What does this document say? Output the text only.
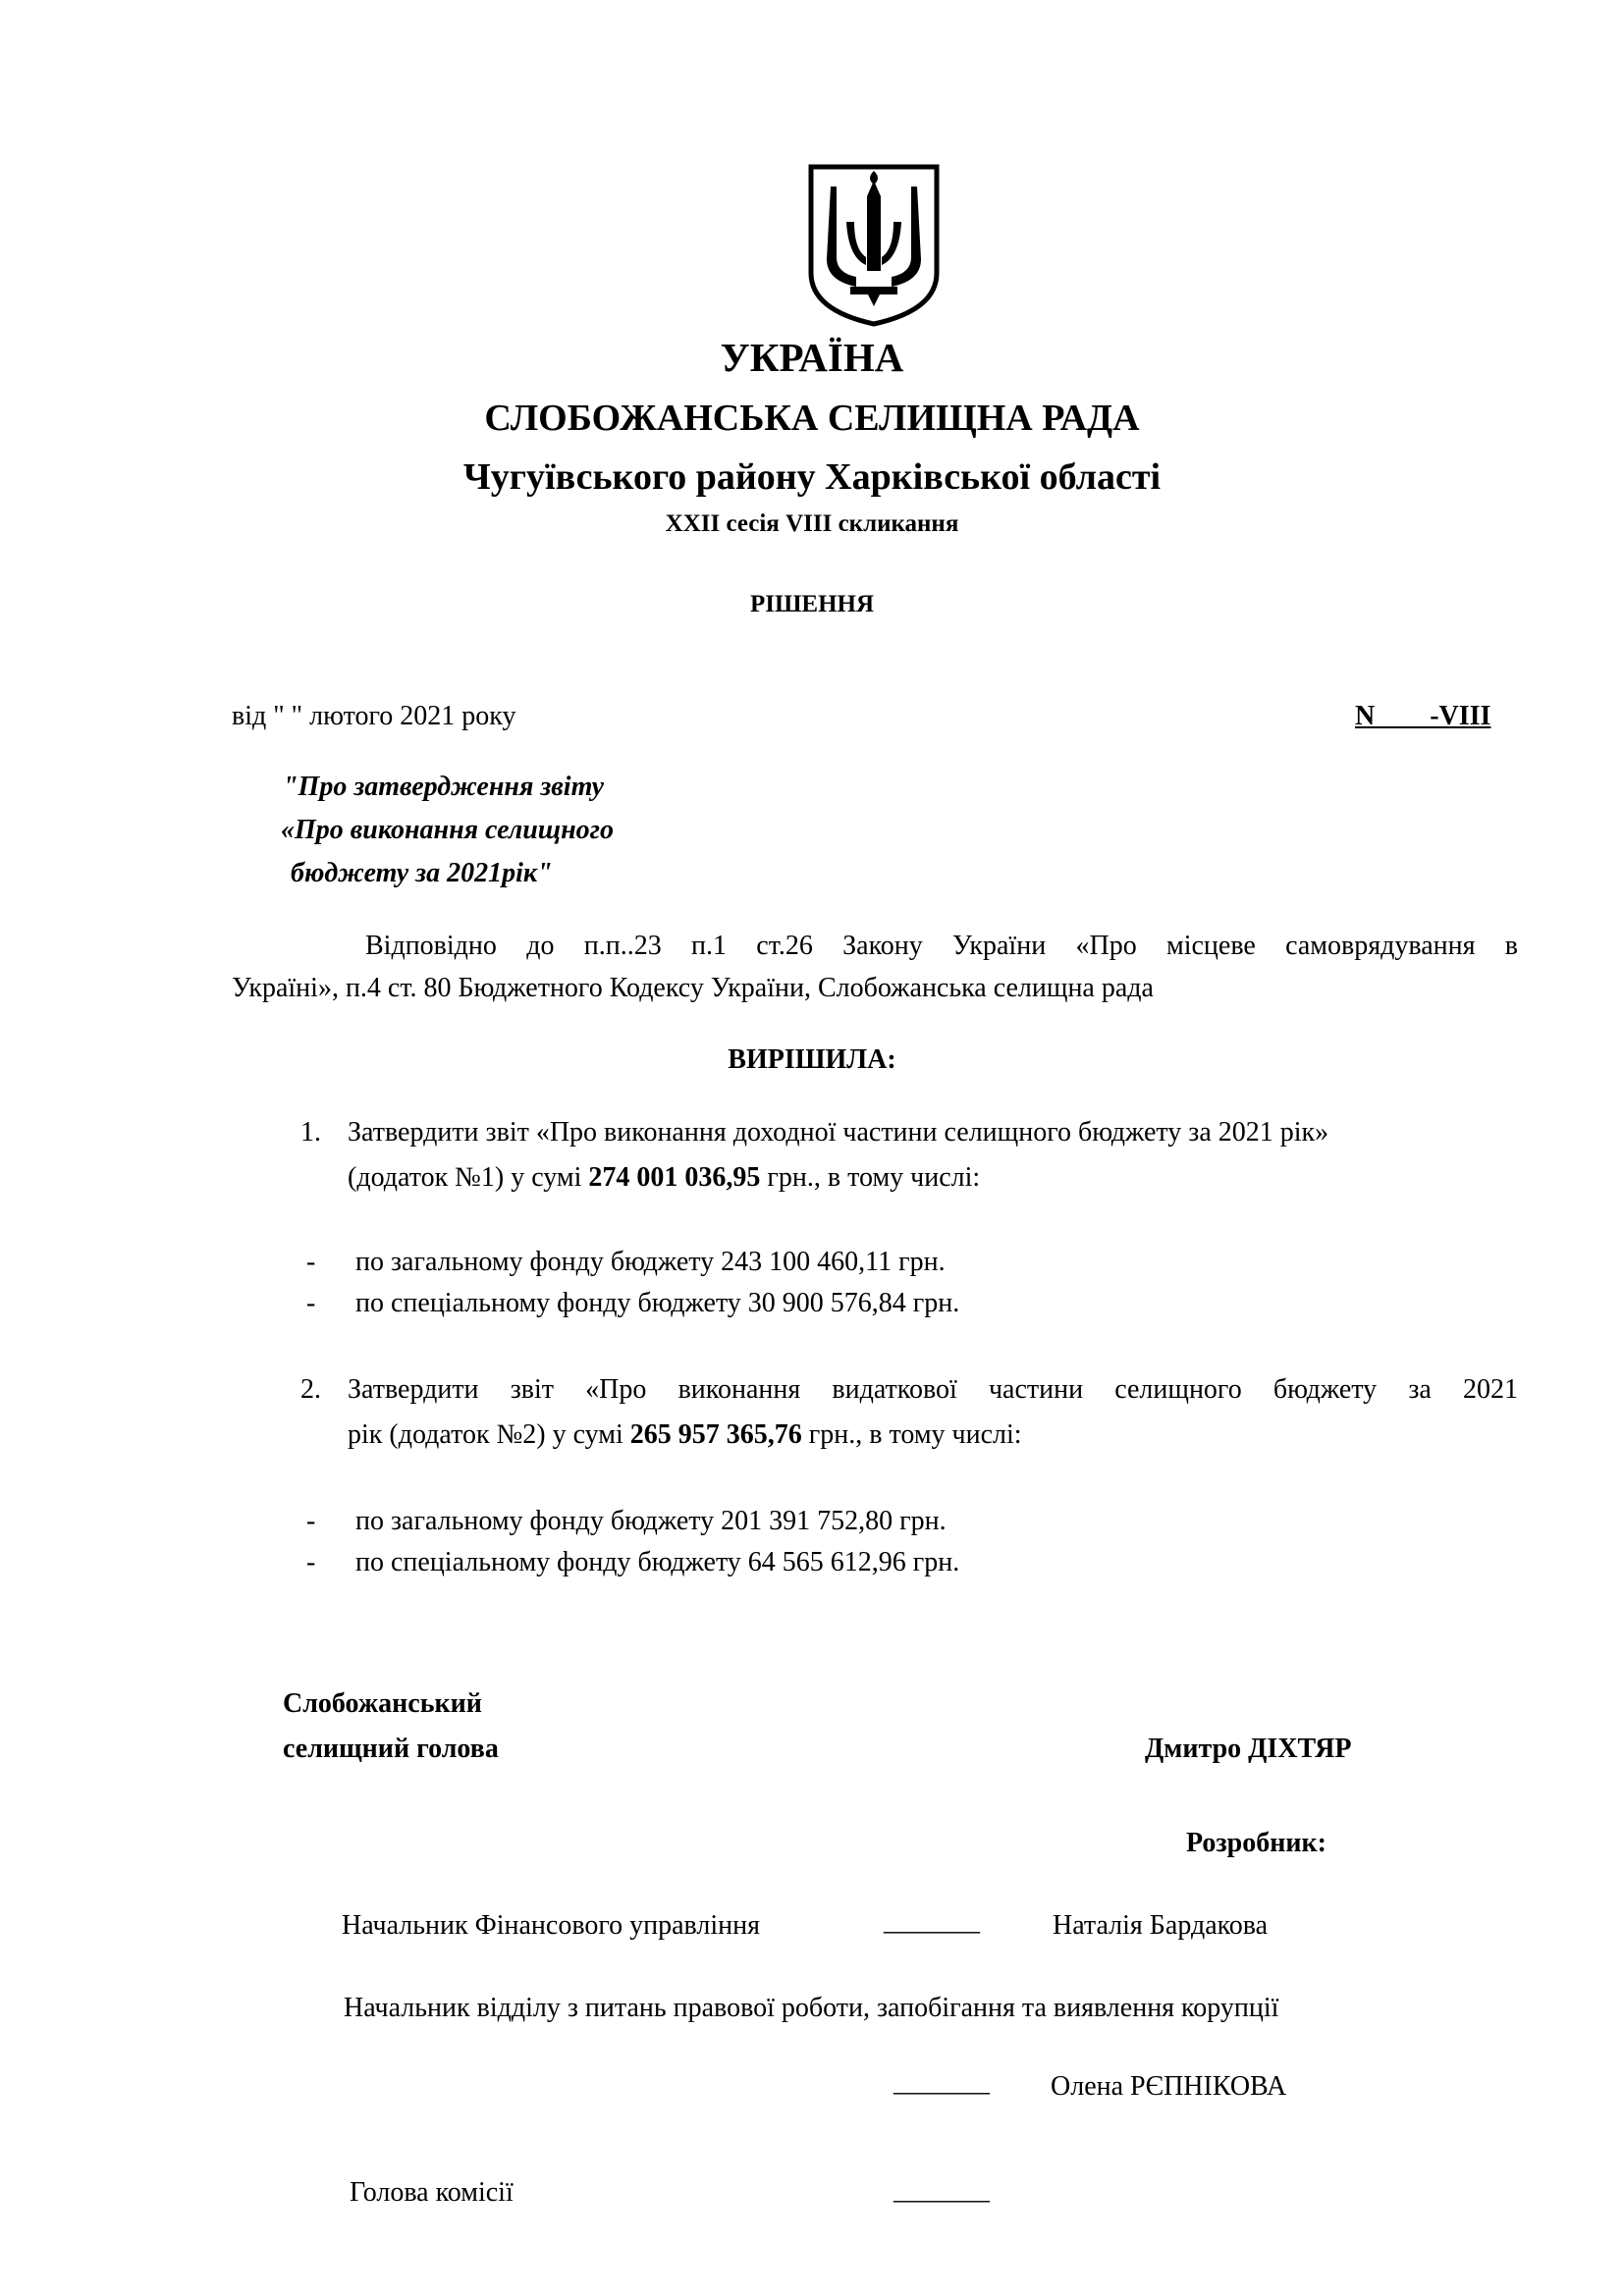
УКРАЇНА
СЛОБОЖАНСЬКА СЕЛИЩНА РАДА
Чугуївського району Харківської області
XXII сесія VIII скликання
РІШЕННЯ
від " " лютого 2021 року	N ___ -VIII
"Про затвердження звіту
«Про виконання селищного
бюджету за 2021рік"
Відповідно до п.п..23 п.1 ст.26 Закону України «Про місцеве самоврядування в
Україні», п.4 ст. 80 Бюджетного Кодексу України, Слобожанська селищна рада
ВИРІШИЛА:
1. Затвердити звіт «Про виконання доходної частини селищного бюджету за 2021 рік»
(додаток №1) у сумі 274 001 036,95 грн., в тому числі:
- по загальному фонду бюджету 243 100 460,11 грн.
- по спеціальному фонду бюджету 30 900 576,84 грн.
2. Затвердити звіт «Про виконання видаткової частини селищного бюджету за 2021
рік (додаток №2) у сумі 265 957 365,76 грн., в тому числі:
- по загальному фонду бюджету 201 391 752,80 грн.
- по спеціальному фонду бюджету 64 565 612,96 грн.
Слобожанський
селищний голова	Дмитро ДІХТЯР
Розробник:
Начальник Фінансового управління	_______	Наталія Бардакова
Начальник відділу з питань правової роботи, запобігання та виявлення корупції
_______ Олена РЄПНІКОВА
Голова комісії	_______
